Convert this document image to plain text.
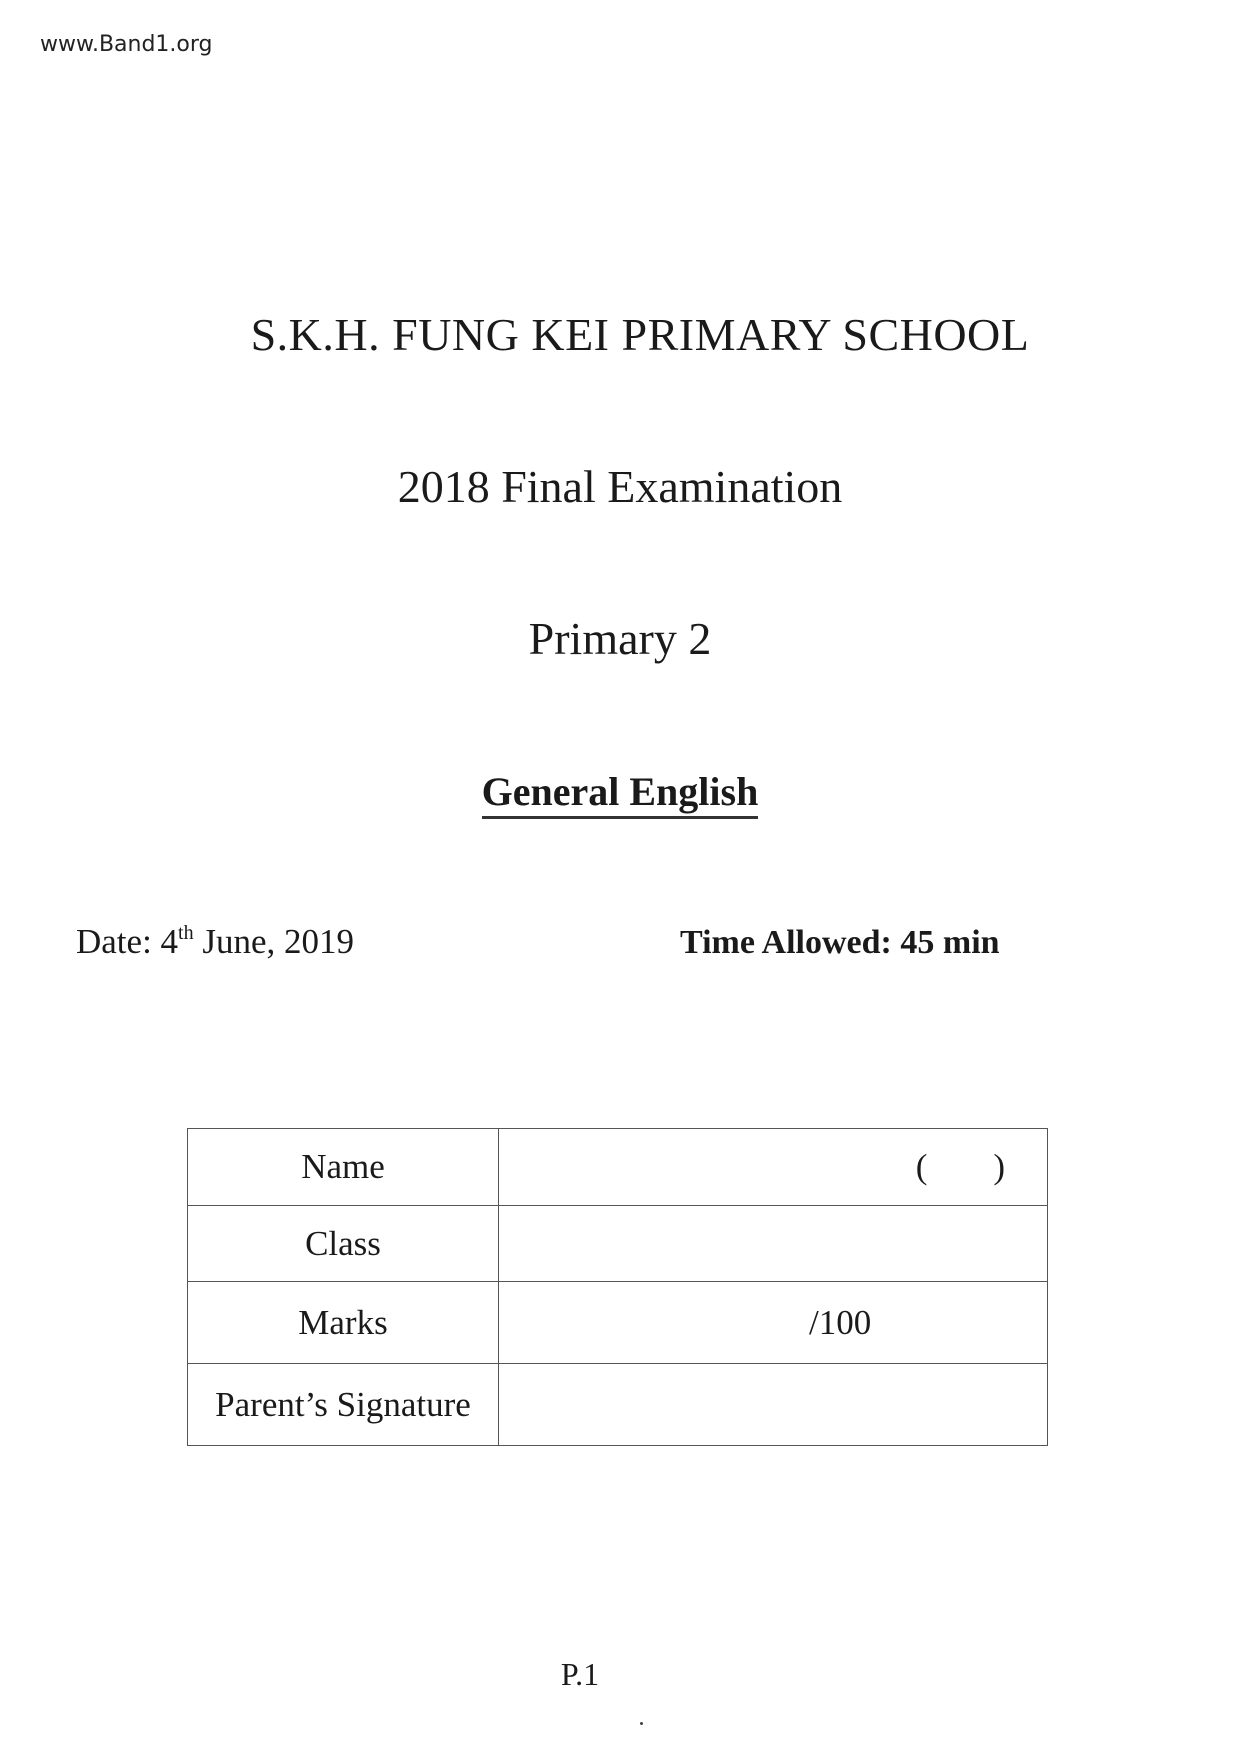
www.Band1.org
S.K.H. FUNG KEI PRIMARY SCHOOL
2018 Final Examination
Primary 2
General English
Date: 4th June, 2019	Time Allowed: 45 min
Name	( )

Class	
Marks	/100
Parent’s Signature	
P.1
